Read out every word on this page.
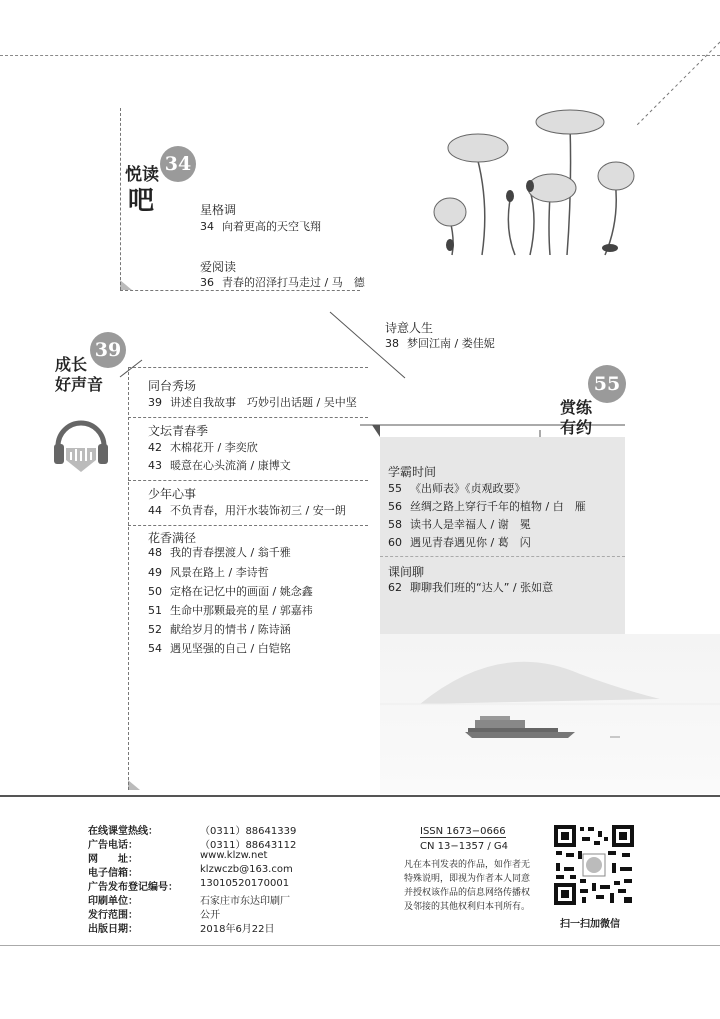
34
悦读
吧	星格调
34 向着更高的天空飞翔
爱阅读
36 青春的沼泽打马走过 / 马　德
诗意人生
38 梦回江南 / 娄佳妮
39
成长
好声音	同台秀场
39 讲述自我故事　巧妙引出话题 / 吴中坚
文坛青春季
42 木棉花开 / 李奕欣
43 暖意在心头流淌 / 康博文
少年心事
44 不负青春，用汗水装饰初三 / 安一朗
花香满径
48 我的青春摆渡人 / 翁千雅
49 风景在路上 / 李诗哲
50 定格在记忆中的画面 / 姚念鑫
51 生命中那颗最亮的星 / 郭嘉祎
52 献给岁月的情书 / 陈诗涵
54 遇见坚强的自己 / 白铠铭
55
赏练
有约
学霸时间
55 《出师表》《贞观政要》
56 丝绸之路上穿行千年的植物 / 白　雁
58 读书人是幸福人 / 谢　冕
60 遇见青春遇见你 / 葛　闪
课间聊
62 聊聊我们班的“达人” / 张如意
在线课堂热线：	（0311）88641339
广告电话：	（0311）88643112
网　　址：	www.klzw.net
电子信箱：	klzwczb@163.com
广告发布登记编号： 13010520170001
印刷单位：	石家庄市东达印刷厂
发行范围：	公开
出版日期：	2018年6月22日
ISSN 1673−0666
CN 13−1357 / G4
凡在本刊发表的作品，如作者无特殊说明，即视为作者本人同意并授权该作品的信息网络传播权及邻接的其他权利归本刊所有。
扫一扫加微信
